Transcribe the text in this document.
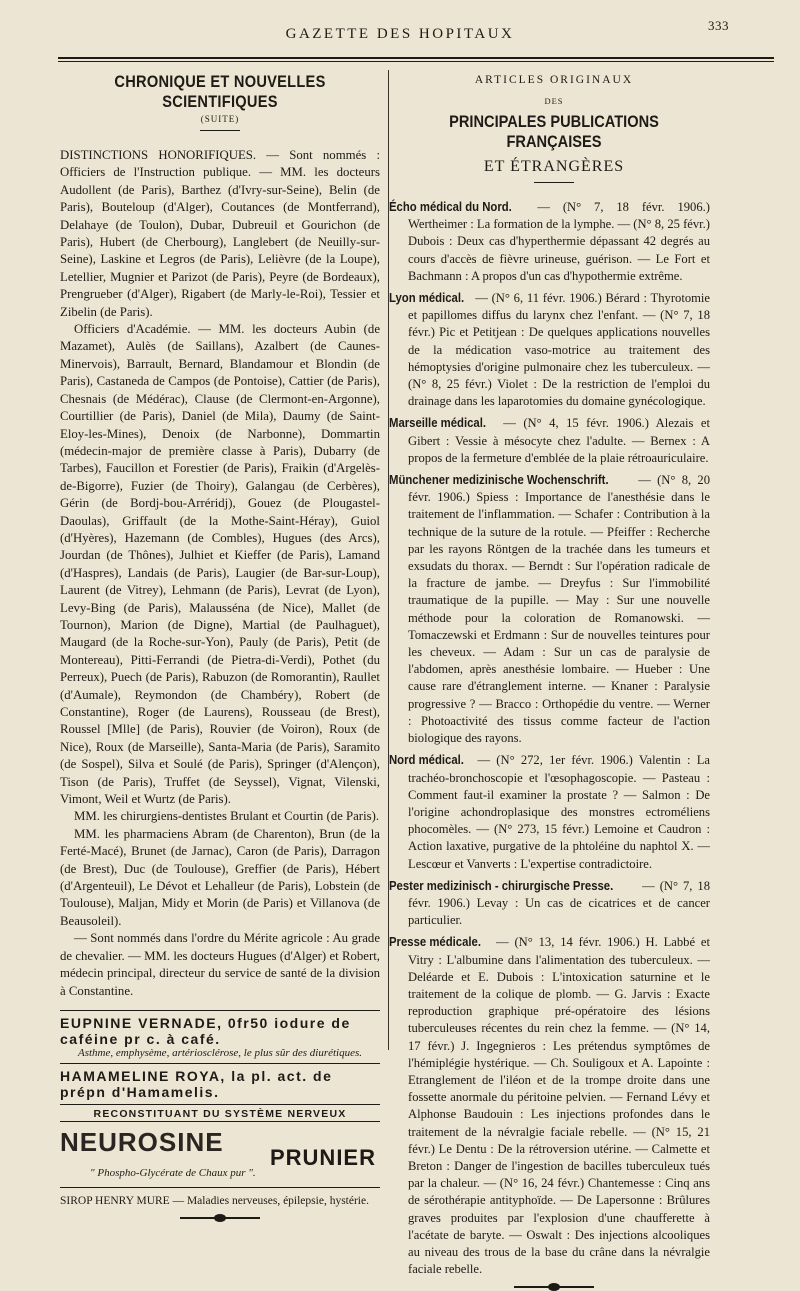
333
GAZETTE DES HOPITAUX
CHRONIQUE ET NOUVELLES SCIENTIFIQUES
(SUITE)

DISTINCTIONS HONORIFIQUES. — Sont nommés : Officiers de l'Instruction publique. — MM. les docteurs Audollent (de Paris), Barthez (d'Ivry-sur-Seine), Belin (de Paris), Bouteloup (d'Alger), Coutances (de Montferrand), Delahaye (de Toulon), Dubar, Dubreuil et Gourichon (de Paris), Hubert (de Cherbourg), Langlebert (de Neuilly-sur-Seine), Laskine et Legros (de Paris), Lelièvre (de la Loupe), Letellier, Mugnier et Parizot (de Paris), Peyre (de Bordeaux), Prengrueber (d'Alger), Rigabert (de Marly-le-Roi), Tessier et Zibelin (de Paris).

Officiers d'Académie. — MM. les docteurs Aubin (de Mazamet), Aulès (de Saillans), Azalbert (de Caunes-Minervois), Barrault, Bernard, Blandamour et Blondin (de Paris), Castaneda de Campos (de Pontoise), Cattier (de Paris), Chesnais (de Médérac), Clause (de Clermont-en-Argonne), Courtillier (de Paris), Daniel (de Mila), Daumy (de Saint-Eloy-les-Mines), Denoix (de Narbonne), Dommartin (médecin-major de première classe à Paris), Dubarry (de Tarbes), Faucillon et Forestier (de Paris), Fraikin (d'Argelès-de-Bigorre), Fuzier (de Thoiry), Galangau (de Cerbères), Gérin (de Bordj-bou-Arréridj), Gouez (de Plougastel-Daoulas), Griffault (de la Mothe-Saint-Héray), Guiol (d'Hyères), Hazemann (de Combles), Hugues (des Arcs), Jourdan (de Thônes), Julhiet et Kieffer (de Paris), Lamand (d'Haspres), Landais (de Paris), Laugier (de Bar-sur-Loup), Laurent (de Vitrey), Lehmann (de Paris), Levrat (de Lyon), Levy-Bing (de Paris), Malausséna (de Nice), Mallet (de Tournon), Marion (de Digne), Martial (de Paulhaguet), Maugard (de la Roche-sur-Yon), Pauly (de Paris), Petit (de Montereau), Pitti-Ferrandi (de Pietra-di-Verdi), Pothet (du Perreux), Puech (de Paris), Rabuzon (de Romorantin), Raullet (d'Aumale), Reymondon (de Chambéry), Robert (de Constantine), Roger (de Laurens), Rousseau (de Brest), Roussel [Mlle] (de Paris), Rouvier (de Voiron), Roux (de Nice), Roux (de Marseille), Santa-Maria (de Paris), Saramito (de Sospel), Silva et Soulé (de Paris), Springer (d'Alençon), Tison (de Paris), Truffet (de Seyssel), Vignat, Vilenski, Vimont, Weil et Wurtz (de Paris).

MM. les chirurgiens-dentistes Brulant et Courtin (de Paris).

MM. les pharmaciens Abram (de Charenton), Brun (de la Ferté-Macé), Brunet (de Jarnac), Caron (de Paris), Darragon (de Brest), Duc (de Toulouse), Greffier (de Paris), Hébert (d'Argenteuil), Le Dévot et Lehalleur (de Paris), Lobstein (de Toulouse), Maljan, Midy et Morin (de Paris) et Villanova (de Beausoleil).

— Sont nommés dans l'ordre du Mérite agricole : Au grade de chevalier. — MM. les docteurs Hugues (d'Alger) et Robert, médecin principal, directeur du service de santé de la division à Constantine.

EUPNINE VERNADE, 0fr50 iodure de caféine pr c. à café.
Asthme, emphysème, artériosclérose, le plus sûr des diurétiques.
HAMAMELINE ROYA, la pl. act. de prépn d'Hamamelis.
RECONSTITUANT DU SYSTÈME NERVEUX
NEUROSINE
PRUNIER
" Phospho-Glycérate de Chaux pur ".
SIROP HENRY MURE — Maladies nerveuses, épilepsie, hystérie.
ARTICLES ORIGINAUX
DES
PRINCIPALES PUBLICATIONS FRANÇAISES
ET ÉTRANGÈRES

Écho médical du Nord. — (N° 7, 18 févr. 1906.) Wertheimer : La formation de la lymphe. — (N° 8, 25 févr.) Dubois : Deux cas d'hyperthermie dépassant 42 degrés au cours d'accès de fièvre urineuse, guérison. — Le Fort et Bachmann : A propos d'un cas d'hypothermie extrême.

Lyon médical. — (N° 6, 11 févr. 1906.) Bérard : Thyrotomie et papillomes diffus du larynx chez l'enfant. — (N° 7, 18 févr.) Pic et Petitjean : De quelques applications nouvelles de la médication vaso-motrice au traitement des hémoptysies d'origine pulmonaire chez les tuberculeux. — (N° 8, 25 févr.) Violet : De la restriction de l'emploi du drainage dans les laparotomies du domaine gynécologique.

Marseille médical. — (N° 4, 15 févr. 1906.) Alezais et Gibert : Vessie à mésocyte chez l'adulte. — Bernex : A propos de la fermeture d'emblée de la plaie rétroauriculaire.

Münchener medizinische Wochenschrift. — (N° 8, 20 févr. 1906.) Spiess : Importance de l'anesthésie dans le traitement de l'inflammation. — Schafer : Contribution à la technique de la suture de la rotule. — Pfeiffer : Recherche par les rayons Röntgen de la trachée dans les tumeurs et exsudats du thorax. — Berndt : Sur l'opération radicale de la fracture de jambe. — Dreyfus : Sur l'immobilité traumatique de la pupille. — May : Sur une nouvelle méthode pour la coloration de Romanowski. — Tomaczewski et Erdmann : Sur de nouvelles teintures pour les cheveux. — Adam : Sur un cas de paralysie de l'abdomen, après anesthésie lombaire. — Hueber : Une cause rare d'étranglement interne. — Knaner : Paralysie progressive ? — Bracco : Orthopédie du ventre. — Werner : Photoactivité des tissus comme facteur de l'action biologique des rayons.

Nord médical. — (N° 272, 1er févr. 1906.) Valentin : La trachéo-bronchoscopie et l'œsophagoscopie. — Pasteau : Comment faut-il examiner la prostate ? — Salmon : De l'origine achondroplasique des monstres ectroméliens phocomèles. — (N° 273, 15 févr.) Lemoine et Caudron : Action laxative, purgative de la phtoléine du naphtol X. — Lescœur et Vanverts : L'expertise contradictoire.

Pester medizinisch - chirurgische Presse. — (N° 7, 18 févr. 1906.) Levay : Un cas de cicatrices et de cancer particulier.

Presse médicale. — (N° 13, 14 févr. 1906.) H. Labbé et Vitry : L'albumine dans l'alimentation des tuberculeux. — Deléarde et E. Dubois : L'intoxication saturnine et le traitement de la colique de plomb. — G. Jarvis : Exacte reproduction graphique pré-opératoire des lésions tuberculeuses récentes du rein chez la femme. — (N° 14, 17 févr.) J. Ingegnieros : Les prétendus symptômes de l'hémiplégie hystérique. — Ch. Souligoux et A. Lapointe : Etranglement de l'iléon et de la trompe droite dans une fossette anormale du péritoine pelvien. — Fernand Lévy et Alphonse Baudouin : Les injections profondes dans le traitement de la névralgie faciale rebelle. — (N° 15, 21 févr.) Le Dentu : De la rétroversion utérine. — Calmette et Breton : Danger de l'ingestion de bacilles tuberculeux tués par la chaleur. — (N° 16, 24 févr.) Chantemesse : Cinq ans de sérothérapie antityphoïde. — De Lapersonne : Brûlures graves produites par l'explosion d'une chaufferette à l'acétate de baryte. — Oswalt : Des injections alcooliques au niveau des trous de la base du crâne dans la névralgie faciale rebelle.
